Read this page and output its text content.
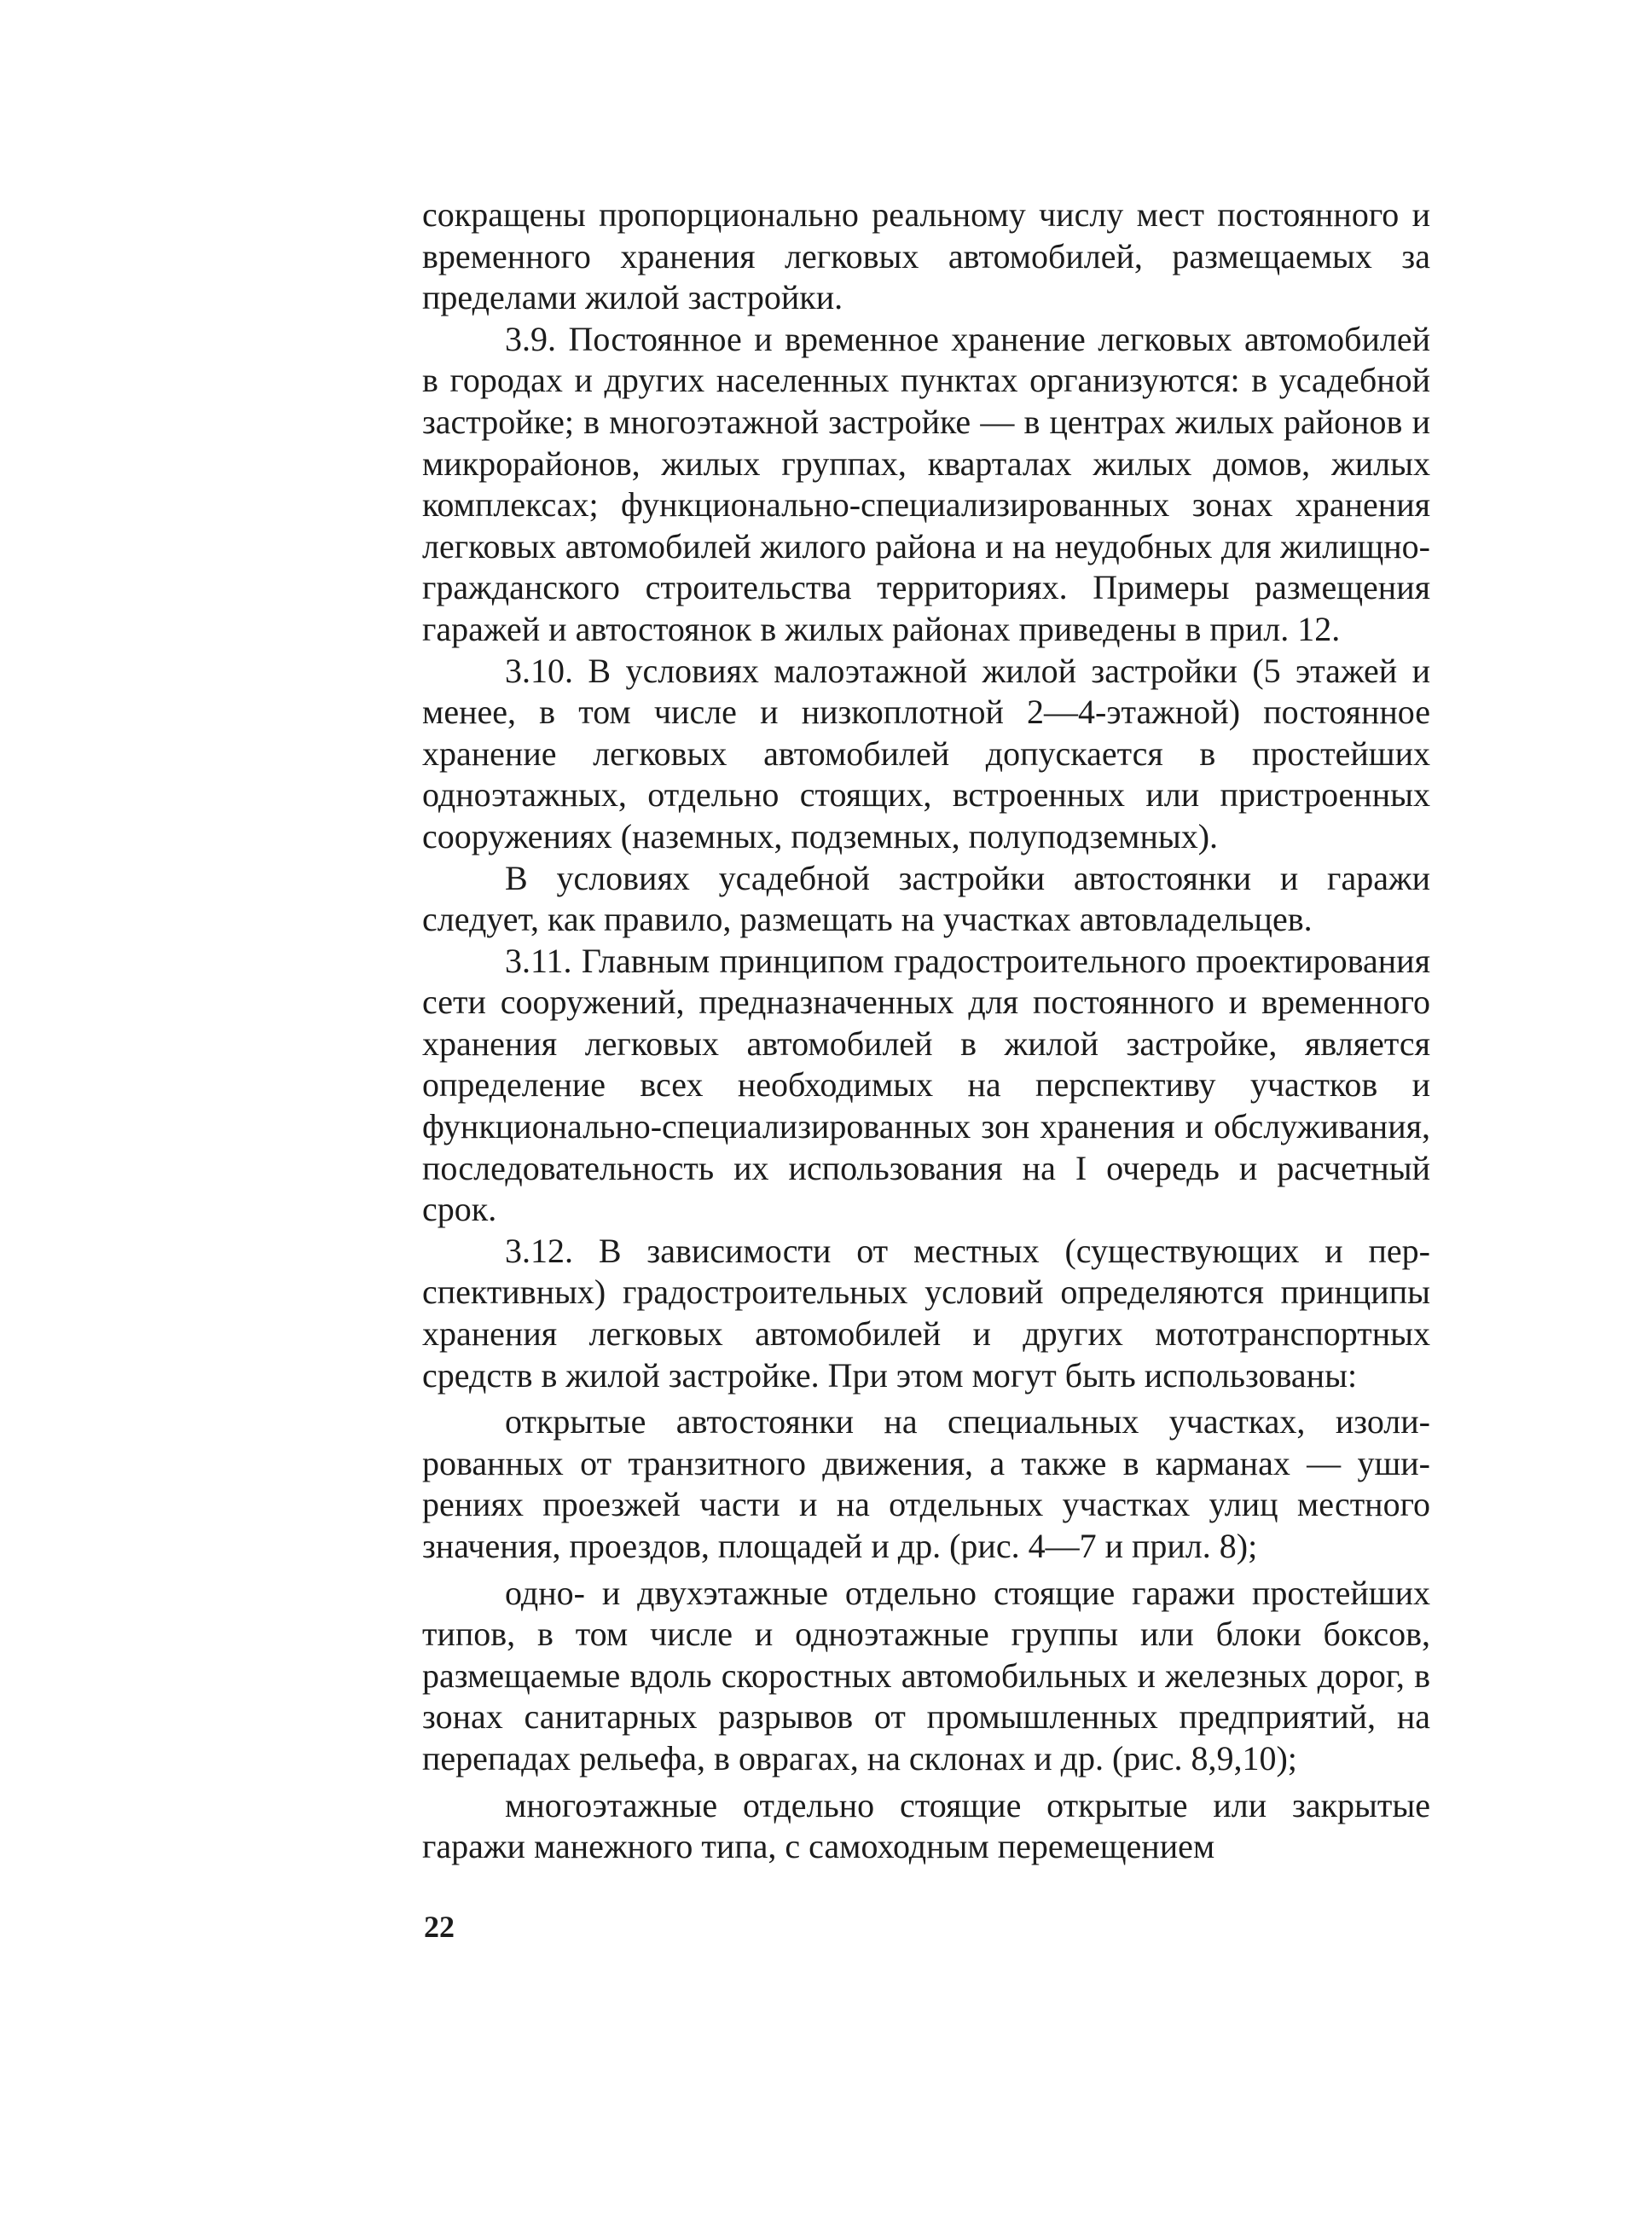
сокращены пропорционально реальному числу мест постоянного и временного хранения легковых автомобилей, размещаемых за пределами жилой застройки.

3.9. Постоянное и временное хранение легковых автомобилей в городах и других населенных пунктах организуются: в усадебной застройке; в многоэтажной застройке — в центрах жилых районов и микрорайонов, жилых группах, кварталах жилых домов, жилых комплексах; функционально-специализированных зонах хранения легковых автомобилей жилого района и на неудобных для жилищно-гражданского строительства территориях. Примеры размещения гаражей и автостоянок в жилых районах приведены в прил. 12.

3.10. В условиях малоэтажной жилой застройки (5 этажей и менее, в том числе и низкоплотной 2—4-этажной) постоянное хранение легковых автомобилей допускается в простейших одноэтажных, отдельно стоящих, встроенных или пристроенных сооружениях (наземных, подземных, полуподземных).

В условиях усадебной застройки автостоянки и гаражи следует, как правило, размещать на участках автовладельцев.

3.11. Главным принципом градостроительного проектирования сети сооружений, предназначенных для постоянного и временного хранения легковых автомобилей в жилой застройке, является определение всех необходимых на перспективу участков и функционально-специализированных зон хранения и обслуживания, последовательность их использования на I очередь и расчетный срок.

3.12. В зависимости от местных (существующих и перспективных) градостроительных условий определяются принципы хранения легковых автомобилей и других мототранспортных средств в жилой застройке. При этом могут быть использованы:

открытые автостоянки на специальных участках, изолированных от транзитного движения, а также в карманах — уширениях проезжей части и на отдельных участках улиц местного значения, проездов, площадей и др. (рис. 4—7 и прил. 8);

одно- и двухэтажные отдельно стоящие гаражи простейших типов, в том числе и одноэтажные группы или блоки боксов, размещаемые вдоль скоростных автомобильных и железных дорог, в зонах санитарных разрывов от промышленных предприятий, на перепадах рельефа, в оврагах, на склонах и др. (рис. 8,9,10);

многоэтажные отдельно стоящие открытые или закрытые гаражи манежного типа, с самоходным перемещением

22
